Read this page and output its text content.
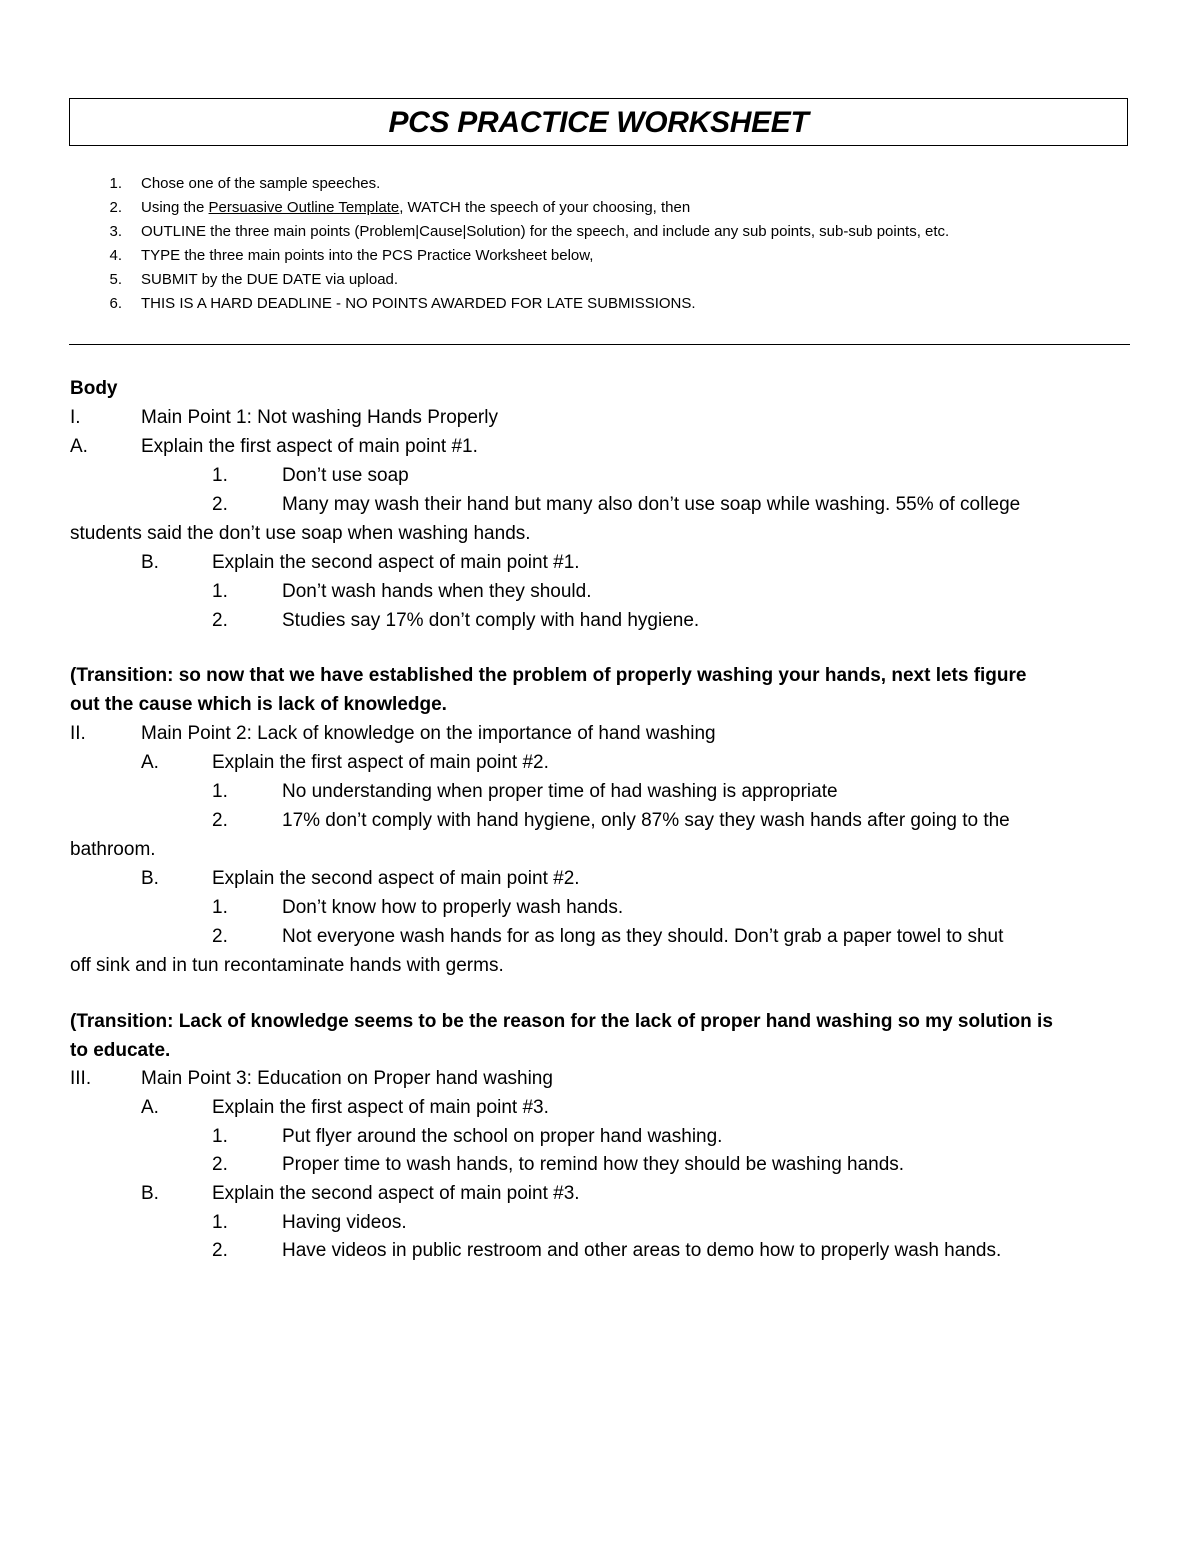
PCS PRACTICE WORKSHEET
1. Chose one of the sample speeches.
2. Using the Persuasive Outline Template, WATCH the speech of your choosing, then
3. OUTLINE the three main points (Problem|Cause|Solution) for the speech, and include any sub points, sub-sub points, etc.
4. TYPE the three main points into the PCS Practice Worksheet below,
5. SUBMIT by the DUE DATE via upload.
6. THIS IS A HARD DEADLINE - NO POINTS AWARDED FOR LATE SUBMISSIONS.
Body
I.	Main Point 1: Not washing Hands Properly
A.	Explain the first aspect of main point #1.
1.	Don’t use soap
2.	Many may wash their hand but many also don’t use soap while washing. 55% of college
students said the don’t use soap when washing hands.
B.	Explain the second aspect of main point #1.
1.	Don’t wash hands when they should.
2.	Studies say 17% don’t comply with hand hygiene.
(Transition: so now that we have established the problem of properly washing your hands, next lets figure
out the cause which is lack of knowledge.
II.	Main Point 2: Lack of knowledge on the importance of hand washing
A.	Explain the first aspect of main point #2.
1.	No understanding when proper time of had washing is appropriate
2.	17% don’t comply with hand hygiene, only 87% say they wash hands after going to the
bathroom.
B.	Explain the second aspect of main point #2.
1.	Don’t know how to properly wash hands.
2.	Not everyone wash hands for as long as they should. Don’t grab a paper towel to shut
off sink and in tun recontaminate hands with germs.
(Transition: Lack of knowledge seems to be the reason for the lack of proper hand washing so my solution is
to educate.
III.	Main Point 3: Education on Proper hand washing
A.	Explain the first aspect of main point #3.
1.	Put flyer around the school on proper hand washing.
2.	Proper time to wash hands, to remind how they should be washing hands.
B.	Explain the second aspect of main point #3.
1.	Having videos.
2.	Have videos in public restroom and other areas to demo how to properly wash hands.
